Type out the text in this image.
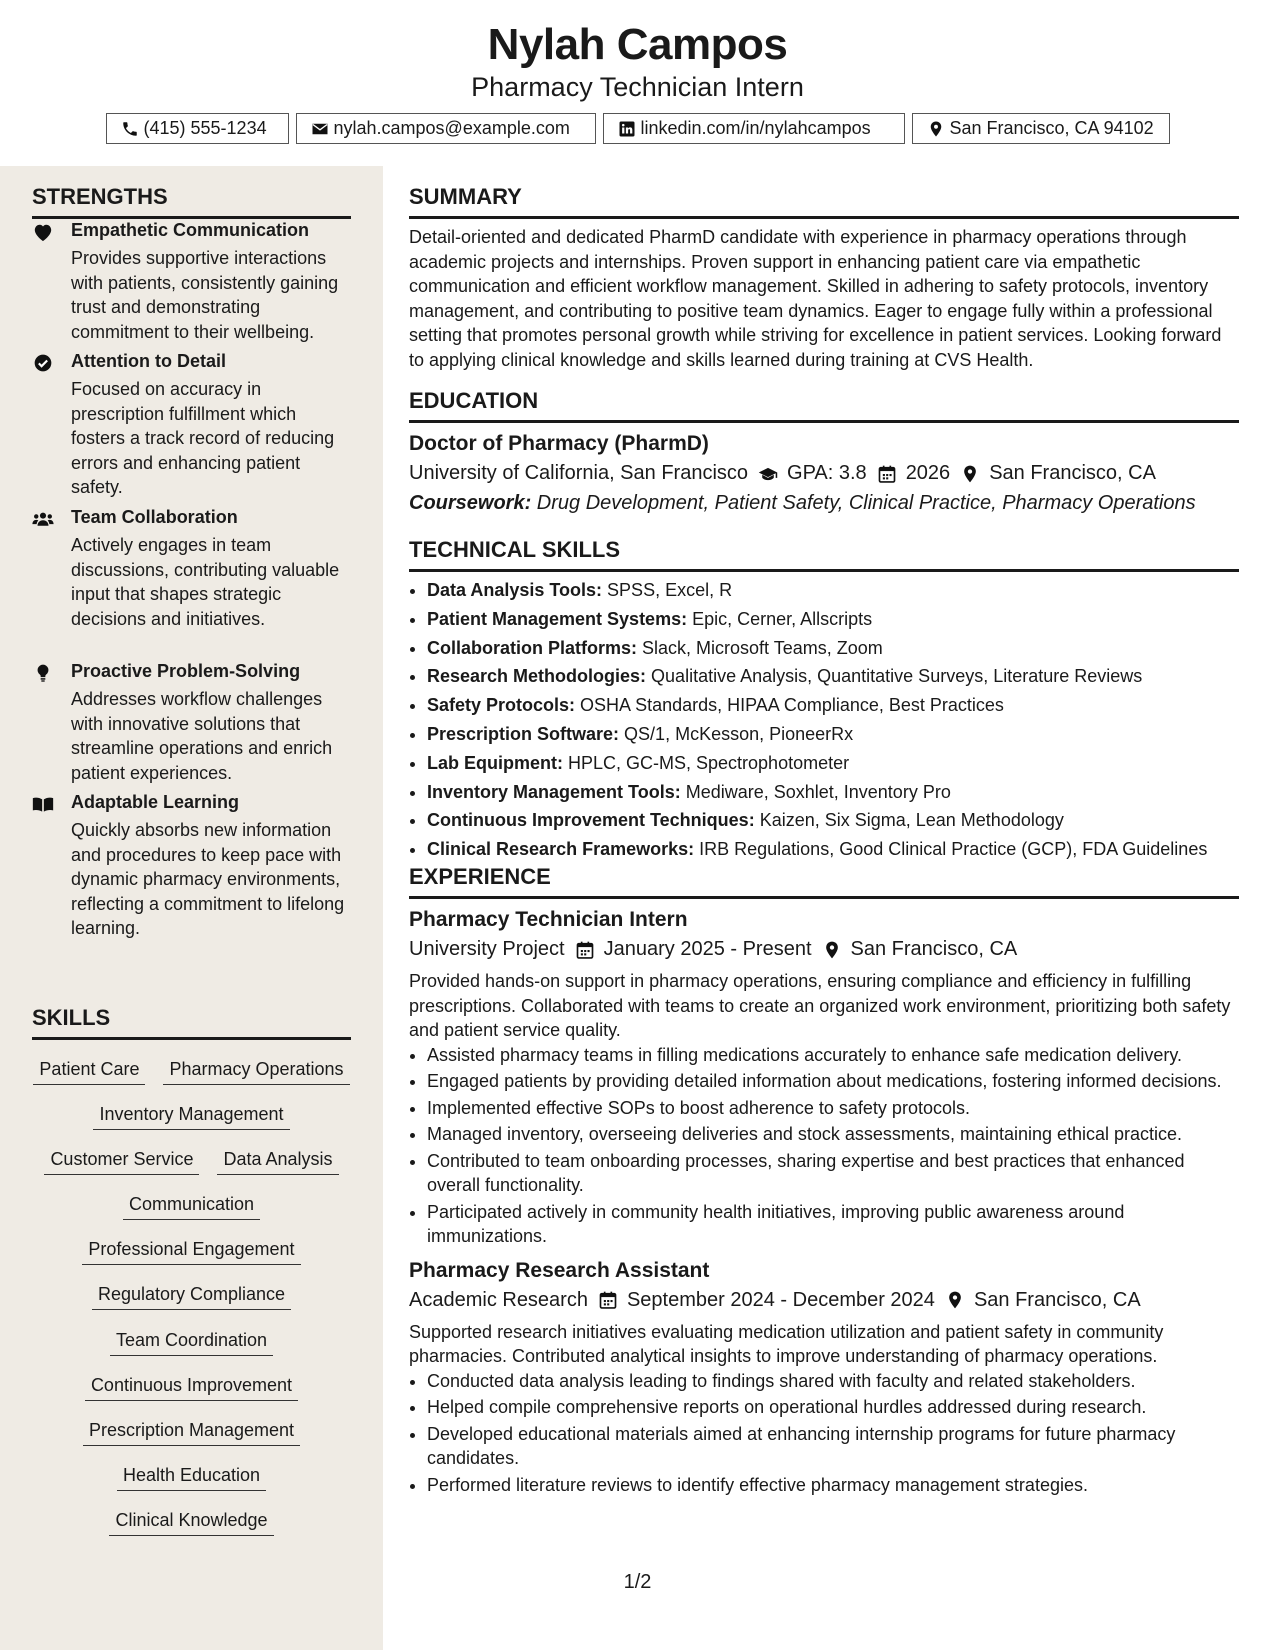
Nylah Campos
Pharmacy Technician Intern
(415) 555-1234	nylah.campos@example.com	linkedin.com/in/nylahcampos	San Francisco, CA 94102
STRENGTHS
Empathetic Communication
Provides supportive interactions with patients, consistently gaining trust and demonstrating commitment to their wellbeing.
Attention to Detail
Focused on accuracy in prescription fulfillment which fosters a track record of reducing errors and enhancing patient safety.
Team Collaboration
Actively engages in team discussions, contributing valuable input that shapes strategic decisions and initiatives.
Proactive Problem-Solving
Addresses workflow challenges with innovative solutions that streamline operations and enrich patient experiences.
Adaptable Learning
Quickly absorbs new information and procedures to keep pace with dynamic pharmacy environments, reflecting a commitment to lifelong learning.
SKILLS
Patient Care	Pharmacy Operations
Inventory Management
Customer Service	Data Analysis
Communication
Professional Engagement
Regulatory Compliance
Team Coordination
Continuous Improvement
Prescription Management
Health Education
Clinical Knowledge
SUMMARY
Detail-oriented and dedicated PharmD candidate with experience in pharmacy operations through academic projects and internships. Proven support in enhancing patient care via empathetic communication and efficient workflow management. Skilled in adhering to safety protocols, inventory management, and contributing to positive team dynamics. Eager to engage fully within a professional setting that promotes personal growth while striving for excellence in patient services. Looking forward to applying clinical knowledge and skills learned during training at CVS Health.
EDUCATION
Doctor of Pharmacy (PharmD)
University of California, San Francisco GPA: 3.8 2026 San Francisco, CA
Coursework: Drug Development, Patient Safety, Clinical Practice, Pharmacy Operations
TECHNICAL SKILLS
• Data Analysis Tools: SPSS, Excel, R
• Patient Management Systems: Epic, Cerner, Allscripts
• Collaboration Platforms: Slack, Microsoft Teams, Zoom
• Research Methodologies: Qualitative Analysis, Quantitative Surveys, Literature Reviews
• Safety Protocols: OSHA Standards, HIPAA Compliance, Best Practices
• Prescription Software: QS/1, McKesson, PioneerRx
• Lab Equipment: HPLC, GC-MS, Spectrophotometer
• Inventory Management Tools: Mediware, Soxhlet, Inventory Pro
• Continuous Improvement Techniques: Kaizen, Six Sigma, Lean Methodology
• Clinical Research Frameworks: IRB Regulations, Good Clinical Practice (GCP), FDA Guidelines
EXPERIENCE
Pharmacy Technician Intern
University Project January 2025 - Present San Francisco, CA
Provided hands-on support in pharmacy operations, ensuring compliance and efficiency in fulfilling prescriptions. Collaborated with teams to create an organized work environment, prioritizing both safety and patient service quality.
• Assisted pharmacy teams in filling medications accurately to enhance safe medication delivery.
• Engaged patients by providing detailed information about medications, fostering informed decisions.
• Implemented effective SOPs to boost adherence to safety protocols.
• Managed inventory, overseeing deliveries and stock assessments, maintaining ethical practice.
• Contributed to team onboarding processes, sharing expertise and best practices that enhanced overall functionality.
• Participated actively in community health initiatives, improving public awareness around immunizations.
Pharmacy Research Assistant
Academic Research September 2024 - December 2024 San Francisco, CA
Supported research initiatives evaluating medication utilization and patient safety in community pharmacies. Contributed analytical insights to improve understanding of pharmacy operations.
• Conducted data analysis leading to findings shared with faculty and related stakeholders.
• Helped compile comprehensive reports on operational hurdles addressed during research.
• Developed educational materials aimed at enhancing internship programs for future pharmacy candidates.
• Performed literature reviews to identify effective pharmacy management strategies.
1/2
